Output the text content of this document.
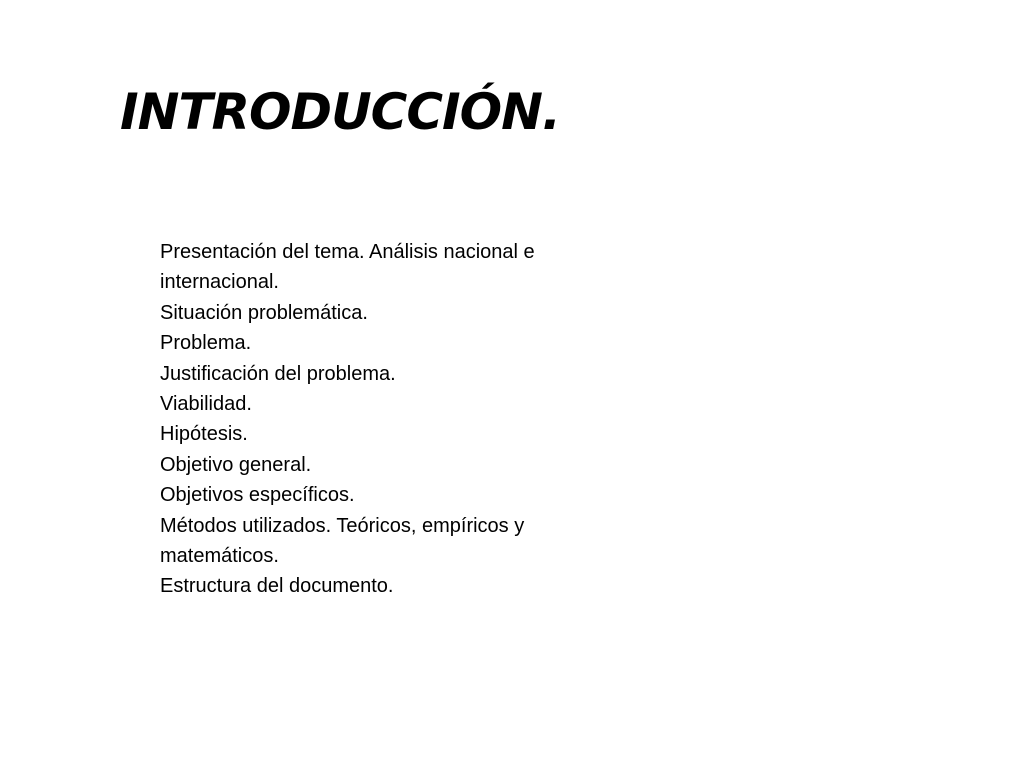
INTRODUCCIÓN.
Presentación del tema. Análisis nacional e internacional.
Situación problemática.
Problema.
Justificación del problema.
Viabilidad.
Hipótesis.
Objetivo general.
Objetivos específicos.
Métodos utilizados. Teóricos, empíricos y matemáticos.
Estructura del documento.
